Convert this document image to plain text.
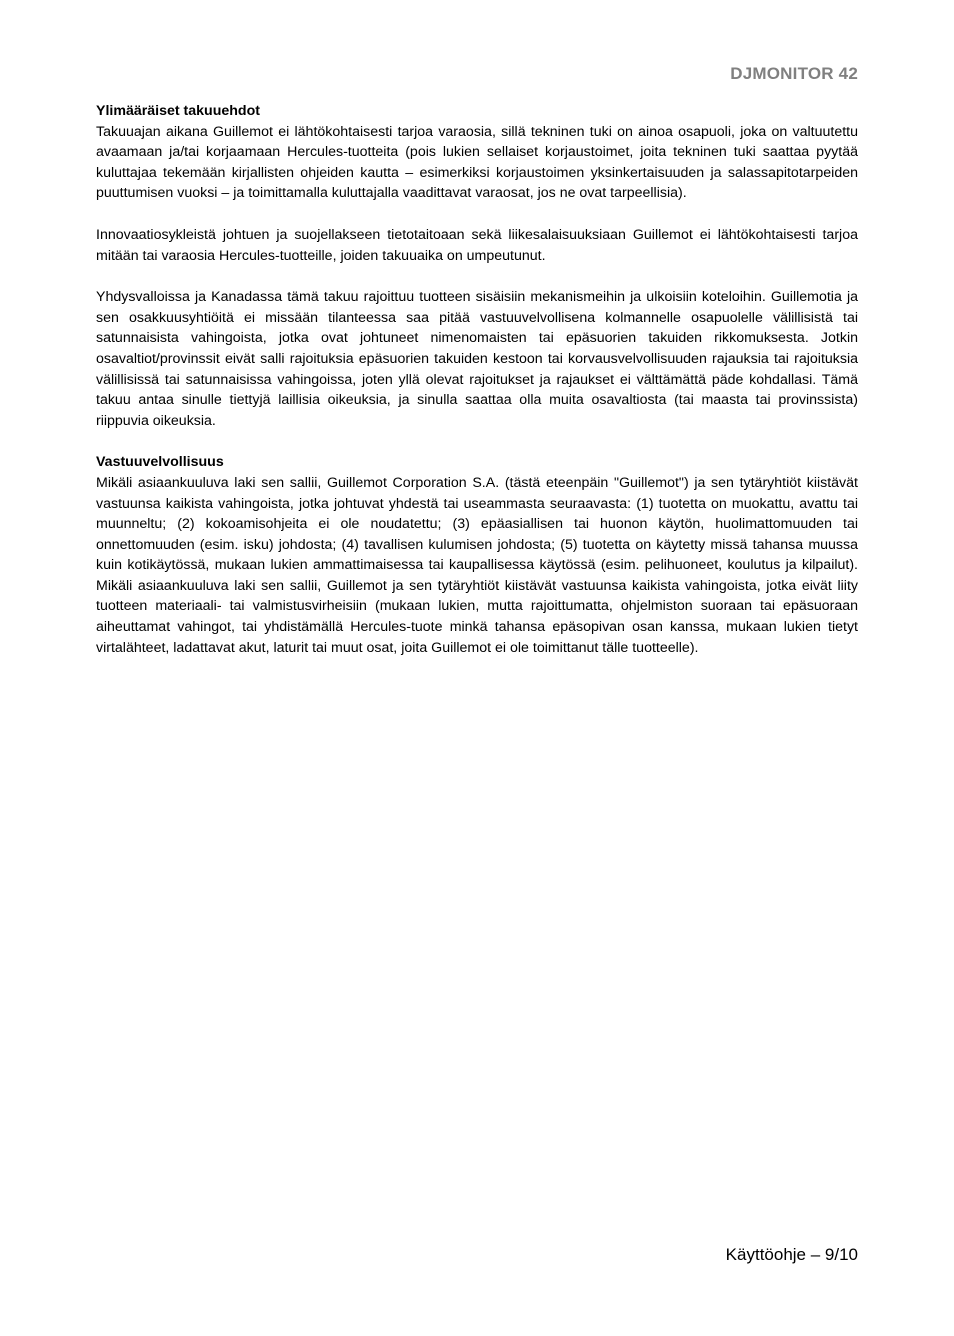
DJMONITOR 42

Ylimääräiset takuuehdot

Takuuajan aikana Guillemot ei lähtökohtaisesti tarjoa varaosia, sillä tekninen tuki on ainoa osapuoli, joka on valtuutettu avaamaan ja/tai korjaamaan Hercules-tuotteita (pois lukien sellaiset korjaustoimet, joita tekninen tuki saattaa pyytää kuluttajaa tekemään kirjallisten ohjeiden kautta – esimerkiksi korjaustoimen yksinkertaisuuden ja salassapitotarpeiden puuttumisen vuoksi – ja toimittamalla kuluttajalla vaadittavat varaosat, jos ne ovat tarpeellisia).

Innovaatiosykleistä johtuen ja suojellakseen tietotaitoaan sekä liikesalaisuuksiaan Guillemot ei lähtökohtaisesti tarjoa mitään tai varaosia Hercules-tuotteille, joiden takuuaika on umpeutunut.

Yhdysvalloissa ja Kanadassa tämä takuu rajoittuu tuotteen sisäisiin mekanismeihin ja ulkoisiin koteloihin. Guillemotia ja sen osakkuusyhtiöitä ei missään tilanteessa saa pitää vastuuvelvollisena kolmannelle osapuolelle välillisistä tai satunnaisista vahingoista, jotka ovat johtuneet nimenomaisten tai epäsuorien takuiden rikkomuksesta. Jotkin osavaltiot/provinssit eivät salli rajoituksia epäsuorien takuiden kestoon tai korvausvelvollisuuden rajauksia tai rajoituksia välillisissä tai satunnaisissa vahingoissa, joten yllä olevat rajoitukset ja rajaukset ei välttämättä päde kohdallasi. Tämä takuu antaa sinulle tiettyjä laillisia oikeuksia, ja sinulla saattaa olla muita osavaltiosta (tai maasta tai provinssista) riippuvia oikeuksia.

Vastuuvelvollisuus

Mikäli asiaankuuluva laki sen sallii, Guillemot Corporation S.A. (tästä eteenpäin "Guillemot") ja sen tytäryhtiöt kiistävät vastuunsa kaikista vahingoista, jotka johtuvat yhdestä tai useammasta seuraavasta: (1) tuotetta on muokattu, avattu tai muunneltu; (2) kokoamisohjeita ei ole noudatettu; (3) epäasiallisen tai huonon käytön, huolimattomuuden tai onnettomuuden (esim. isku) johdosta; (4) tavallisen kulumisen johdosta; (5) tuotetta on käytetty missä tahansa muussa kuin kotikäytössä, mukaan lukien ammattimaisessa tai kaupallisessa käytössä (esim. pelihuoneet, koulutus ja kilpailut). Mikäli asiaankuuluva laki sen sallii, Guillemot ja sen tytäryhtiöt kiistävät vastuunsa kaikista vahingoista, jotka eivät liity tuotteen materiaali- tai valmistusvirheisiin (mukaan lukien, mutta rajoittumatta, ohjelmiston suoraan tai epäsuoraan aiheuttamat vahingot, tai yhdistämällä Hercules-tuote minkä tahansa epäsopivan osan kanssa, mukaan lukien tietyt virtalähteet, ladattavat akut, laturit tai muut osat, joita Guillemot ei ole toimittanut tälle tuotteelle).

Käyttöohje – 9/10
